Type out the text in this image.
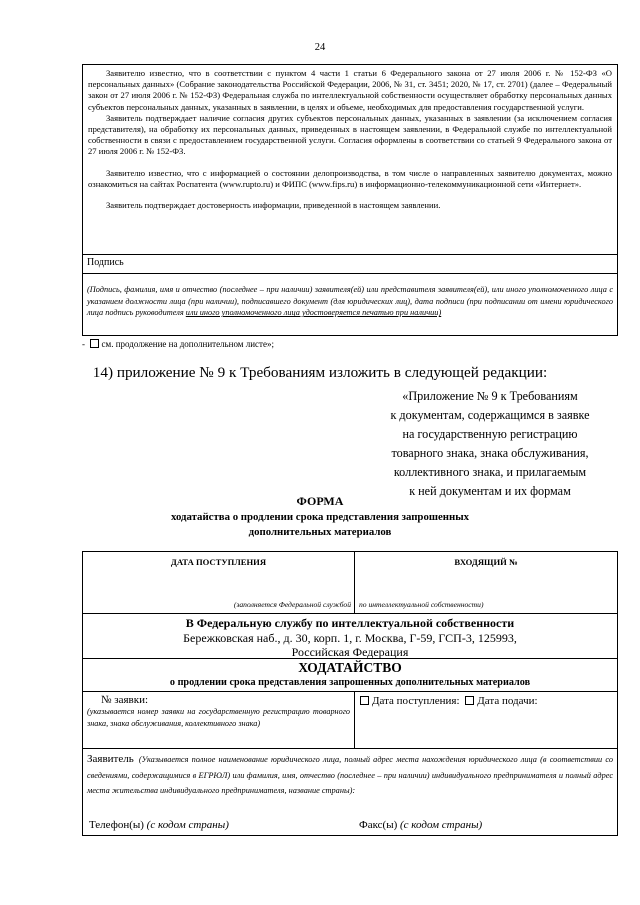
24

Заявителю известно, что в соответствии с пунктом 4 части 1 статьи 6 Федерального закона от 27 июля 2006 г. № 152-ФЗ «О персональных данных» (Собрание законодательства Российской Федерации, 2006, № 31, ст. 3451; 2020, № 17, ст. 2701) (далее – Федеральный закон от 27 июля 2006 г. № 152-ФЗ) Федеральная служба по интеллектуальной собственности осуществляет обработку персональных данных субъектов персональных данных, указанных в заявлении, в целях и объеме, необходимых для предоставления государственной услуги.

Заявитель подтверждает наличие согласия других субъектов персональных данных, указанных в заявлении (за исключением согласия представителя), на обработку их персональных данных, приведенных в настоящем заявлении, в Федеральной службе по интеллектуальной собственности в связи с предоставлением государственной услуги. Согласия оформлены в соответствии со статьей 9 Федерального закона от 27 июля 2006 г. № 152-ФЗ.

Заявителю известно, что с информацией о состоянии делопроизводства, в том числе о направленных заявителю документах, можно ознакомиться на сайтах Роспатента (www.rupto.ru) и ФИПС (www.fips.ru) в информационно-телекоммуникационной сети «Интернет».

Заявитель подтверждает достоверность информации, приведенной в настоящем заявлении.

Подпись
(Подпись, фамилия, имя и отчество (последнее – при наличии) заявителя(ей) или представителя заявителя(ей), или иного уполномоченного лица с указанием должности лица (при наличии), подписавшего документ (для юридических лиц), дата подписи (при подписании от имени юридического лица подпись руководителя или иного уполномоченного лица удостоверяется печатью при наличии)
-  см. продолжение на дополнительном листе»;
14) приложение № 9 к Требованиям изложить в следующей редакции:
«Приложение № 9 к Требованиям
к документам, содержащимся в заявке
на государственную регистрацию
товарного знака, знака обслуживания,
коллективного знака, и прилагаемым
к ней документам и их формам
ФОРМА
ходатайства о продлении срока представления запрошенных
дополнительных материалов
ДАТА ПОСТУПЛЕНИЯ
(заполняется Федеральной службой
ВХОДЯЩИЙ №
по интеллектуальной собственности)
В Федеральную службу по интеллектуальной собственности
Бережковская наб., д. 30, корп. 1, г. Москва, Г-59, ГСП-3, 125993,
Российская Федерация
ХОДАТАЙСТВО
о продлении срока представления запрошенных дополнительных материалов
№ заявки:
(указывается номер заявки на государственную регистрацию товарного знака, знака обслуживания, коллективного знака)
Дата поступления: Дата подачи:
Заявитель (Указывается полное наименование юридического лица, полный адрес места нахождения юридического лица (в соответствии со сведениями, содержащимися в ЕГРЮЛ) или фамилия, имя, отчество (последнее – при наличии) индивидуального предпринимателя и полный адрес места жительства индивидуального предпринимателя, название страны):
Телефон(ы) (с кодом страны)	Факс(ы) (с кодом страны)
